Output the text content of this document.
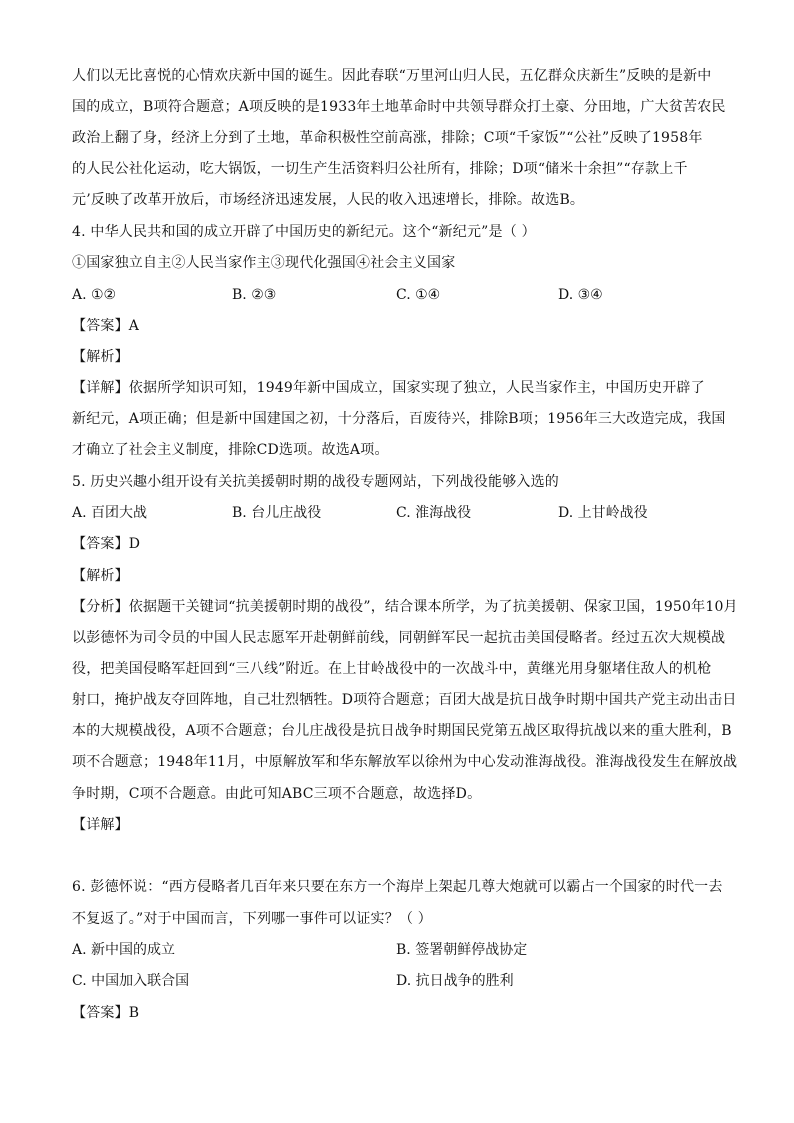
人们以无比喜悦的心情欢庆新中国的诞生。因此春联“万里河山归人民，五亿群众庆新生”反映的是新中
国的成立，B项符合题意；A项反映的是1933年土地革命时中共领导群众打土豪、分田地，广大贫苦农民
政治上翻了身，经济上分到了土地，革命积极性空前高涨，排除；C项“千家饭”“公社”反映了1958年
的人民公社化运动，吃大锅饭，一切生产生活资料归公社所有，排除；D项“储米十余担”“存款上千
元’反映了改革开放后，市场经济迅速发展，人民的收入迅速增长，排除。故选B。
4. 中华人民共和国的成立开辟了中国历史的新纪元。这个“新纪元”是（ ）
①国家独立自主②人民当家作主③现代化强国④社会主义国家
A. ①②	B. ②③	C. ①④	D. ③④
【答案】A
【解析】
【详解】依据所学知识可知，1949年新中国成立，国家实现了独立，人民当家作主，中国历史开辟了
新纪元，A项正确；但是新中国建国之初，十分落后，百废待兴，排除B项；1956年三大改造完成，我国
才确立了社会主义制度，排除CD选项。故选A项。
5. 历史兴趣小组开设有关抗美援朝时期的战役专题网站，下列战役能够入选的
A. 百团大战	B. 台儿庄战役	C. 淮海战役	D. 上甘岭战役
【答案】D
【解析】
【分析】依据题干关键词“抗美援朝时期的战役”，结合课本所学，为了抗美援朝、保家卫国，1950年10月
以彭德怀为司令员的中国人民志愿军开赴朝鲜前线，同朝鲜军民一起抗击美国侵略者。经过五次大规模战
役，把美国侵略军赶回到“三八线”附近。在上甘岭战役中的一次战斗中，黄继光用身躯堵住敌人的机枪
射口，掩护战友夺回阵地，自己壮烈牺牲。D项符合题意；百团大战是抗日战争时期中国共产党主动出击日
本的大规模战役，A项不合题意；台儿庄战役是抗日战争时期国民党第五战区取得抗战以来的重大胜利，B
项不合题意；1948年11月，中原解放军和华东解放军以徐州为中心发动淮海战役。淮海战役发生在解放战
争时期，C项不合题意。由此可知ABC三项不合题意，故选择D。
【详解】
6. 彭德怀说：“西方侵略者几百年来只要在东方一个海岸上架起几尊大炮就可以霸占一个国家的时代一去
不复返了。”对于中国而言，下列哪一事件可以证实？（ ）
A. 新中国的成立	B. 签署朝鲜停战协定
C. 中国加入联合国	D. 抗日战争的胜利
【答案】B
